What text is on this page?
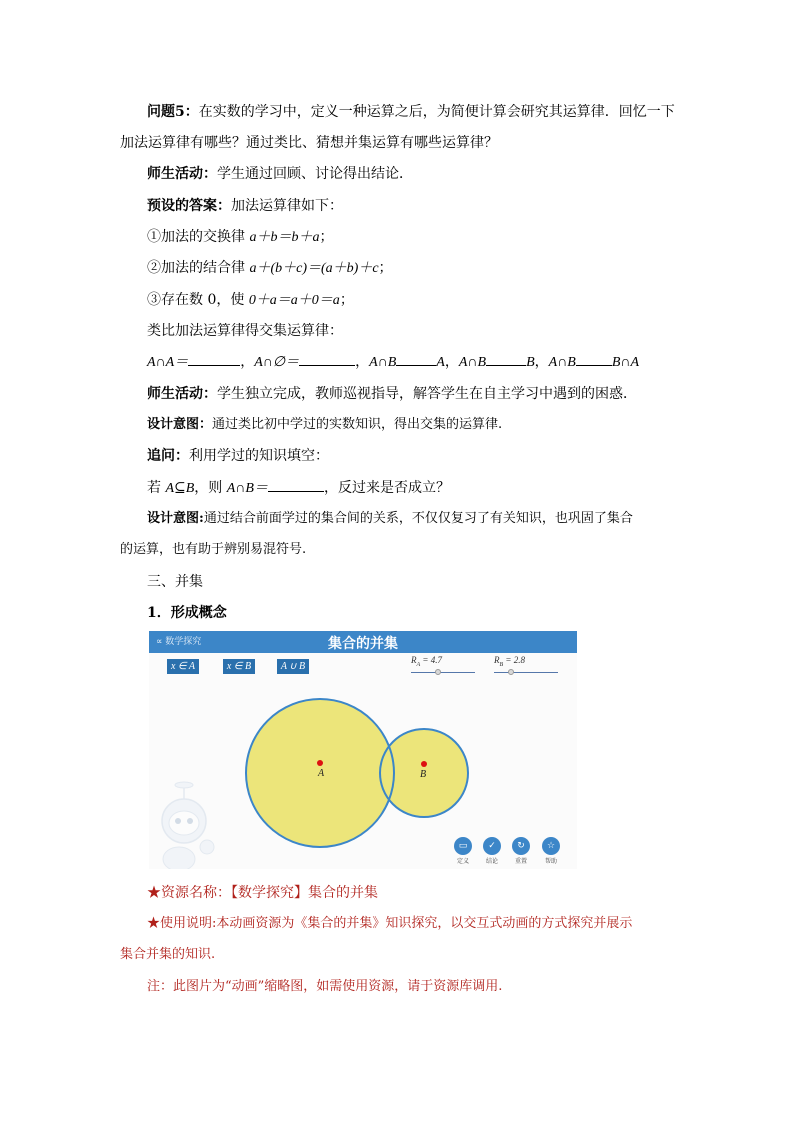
问题5：在实数的学习中，定义一种运算之后，为简便计算会研究其运算律．回忆一下
加法运算律有哪些？通过类比、猜想并集运算有哪些运算律？
师生活动：学生通过回顾、讨论得出结论．
预设的答案：加法运算律如下：
①加法的交换律 a＋b＝b＋a；
②加法的结合律 a＋(b＋c)＝(a＋b)＋c；
③存在数 0，使 0＋a＝a＋0＝a；
类比加法运算律得交集运算律：
A∩A＝	，A∩∅＝	，A∩B	A，A∩B	B，A∩B	B∩A
师生活动：学生独立完成，教师巡视指导，解答学生在自主学习中遇到的困惑．
设计意图：通过类比初中学过的实数知识，得出交集的运算律.
追问：利用学过的知识填空：
若 A⊆B，则 A∩B＝	，反过来是否成立？
设计意图:通过结合前面学过的集合间的关系，不仅仅复习了有关知识，也巩固了集合
的运算，也有助于辨别易混符号.
三、并集
1．形成概念
∝ 数学探究	集合的并集
x ∈ A	x ∈ B	A ∪ B
$R_A = 4.7$	$R_B = 2.8$
A	B
▭
定义
✓
结论
↻
重置
☆
帮助
★资源名称：【数学探究】集合的并集
★使用说明:本动画资源为《集合的并集》知识探究，以交互式动画的方式探究并展示
集合并集的知识.
注：此图片为“动画”缩略图，如需使用资源，请于资源库调用.
